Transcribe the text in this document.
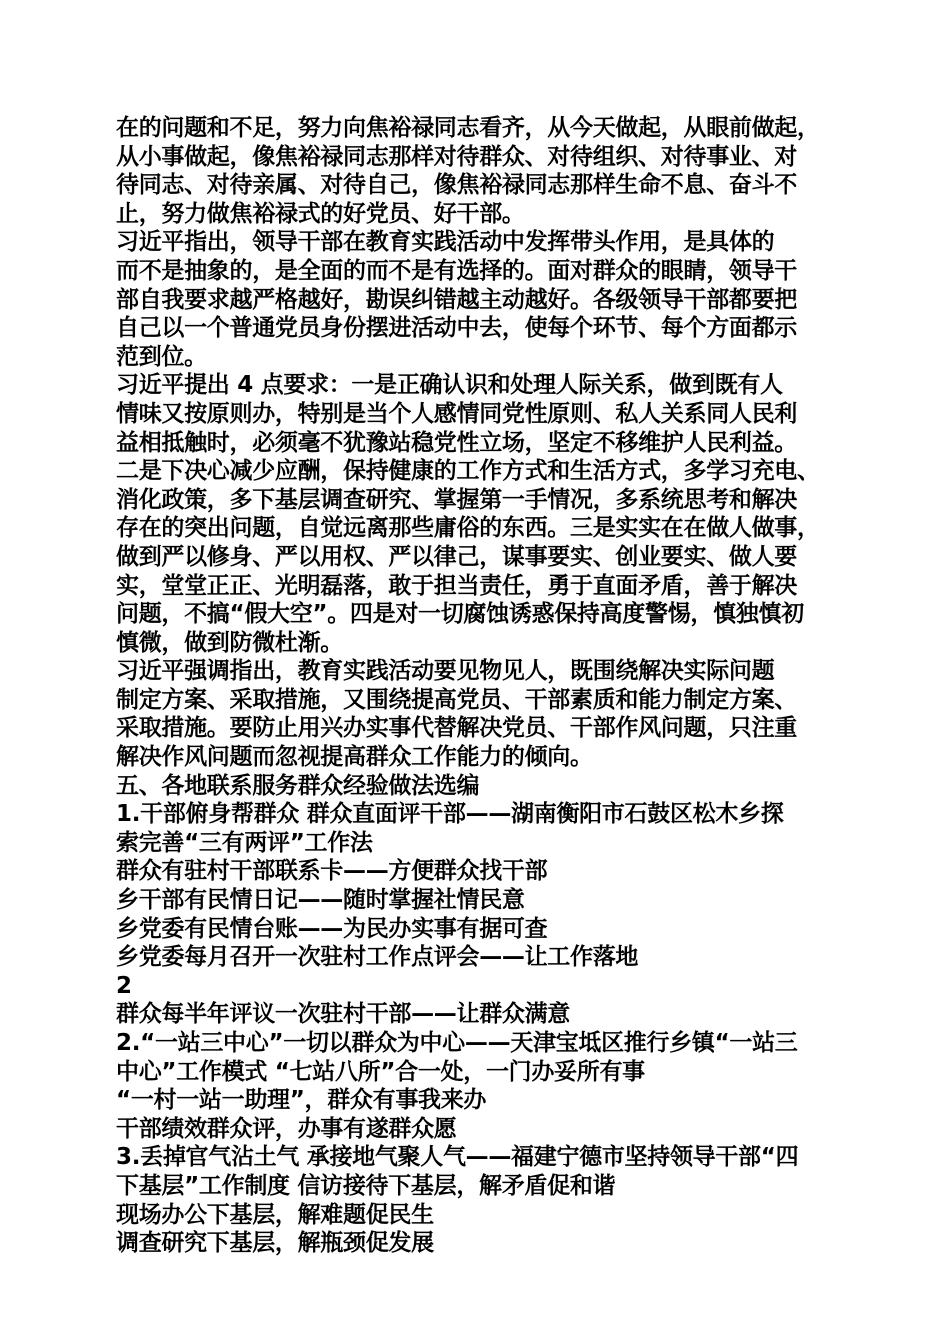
在的问题和不足，努力向焦裕禄同志看齐，从今天做起，从眼前做起，
从小事做起，像焦裕禄同志那样对待群众、对待组织、对待事业、对
待同志、对待亲属、对待自己，像焦裕禄同志那样生命不息、奋斗不
止，努力做焦裕禄式的好党员、好干部。
习近平指出，领导干部在教育实践活动中发挥带头作用，是具体的
而不是抽象的，是全面的而不是有选择的。面对群众的眼睛，领导干
部自我要求越严格越好，勘误纠错越主动越好。各级领导干部都要把
自己以一个普通党员身份摆进活动中去，使每个环节、每个方面都示
范到位。
习近平提出 4 点要求：一是正确认识和处理人际关系，做到既有人
情味又按原则办，特别是当个人感情同党性原则、私人关系同人民利
益相抵触时，必须毫不犹豫站稳党性立场，坚定不移维护人民利益。
二是下决心减少应酬，保持健康的工作方式和生活方式，多学习充电、
消化政策，多下基层调查研究、掌握第一手情况，多系统思考和解决
存在的突出问题，自觉远离那些庸俗的东西。三是实实在在做人做事，
做到严以修身、严以用权、严以律己，谋事要实、创业要实、做人要
实，堂堂正正、光明磊落，敢于担当责任，勇于直面矛盾，善于解决
问题，不搞“假大空”。四是对一切腐蚀诱惑保持高度警惕，慎独慎初
慎微，做到防微杜渐。
习近平强调指出，教育实践活动要见物见人，既围绕解决实际问题
制定方案、采取措施，又围绕提高党员、干部素质和能力制定方案、
采取措施。要防止用兴办实事代替解决党员、干部作风问题，只注重
解决作风问题而忽视提高群众工作能力的倾向。
五、各地联系服务群众经验做法选编
1.干部俯身帮群众 群众直面评干部——湖南衡阳市石鼓区松木乡探
索完善“三有两评”工作法
群众有驻村干部联系卡——方便群众找干部
乡干部有民情日记——随时掌握社情民意
乡党委有民情台账——为民办实事有据可查
乡党委每月召开一次驻村工作点评会——让工作落地
2
群众每半年评议一次驻村干部——让群众满意
2.“一站三中心”一切以群众为中心——天津宝坻区推行乡镇“一站三
中心”工作模式 “七站八所”合一处，一门办妥所有事
“一村一站一助理”，群众有事我来办
干部绩效群众评，办事有遂群众愿
3.丢掉官气沾土气 承接地气聚人气——福建宁德市坚持领导干部“四
下基层”工作制度 信访接待下基层，解矛盾促和谐
现场办公下基层，解难题促民生
调查研究下基层，解瓶颈促发展
